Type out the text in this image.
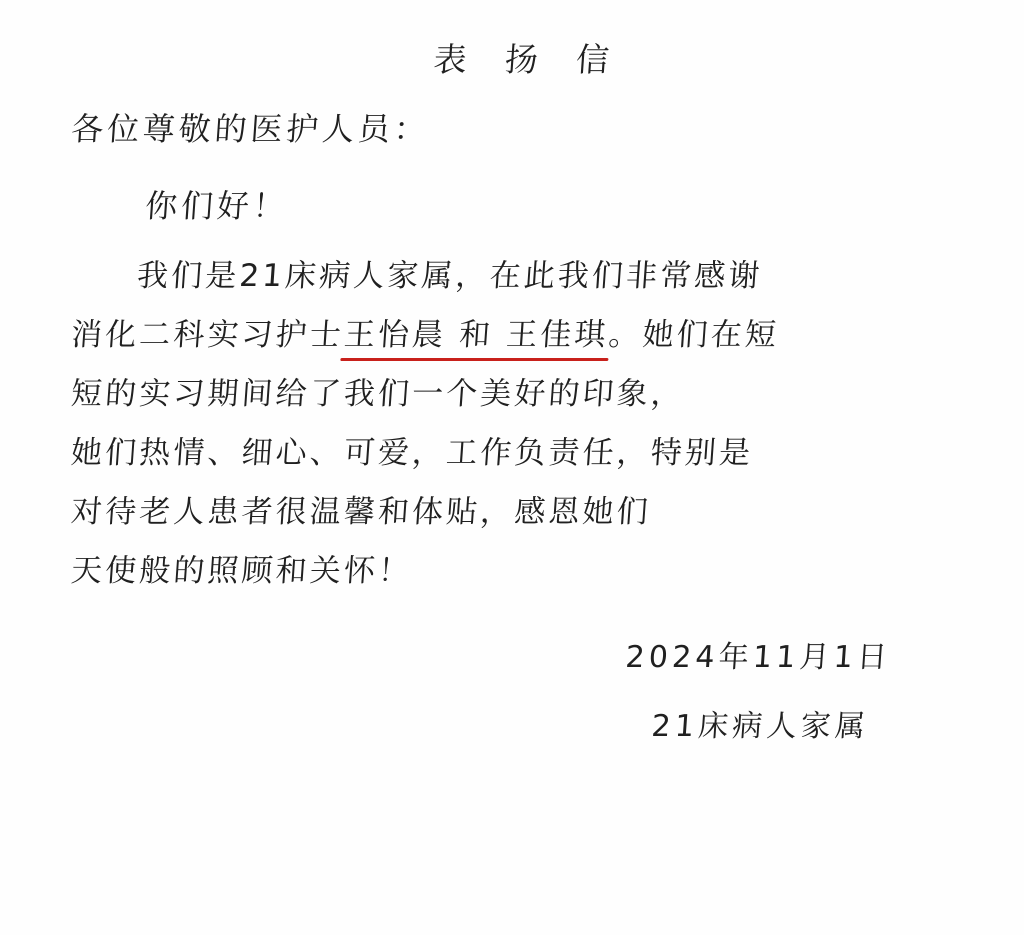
表 扬 信
各位尊敬的医护人员：
你们好！
我们是21床病人家属，在此我们非常感谢
消化二科实习护士王怡晨 和 王佳琪。她们在短
短的实习期间给了我们一个美好的印象，
她们热情、细心、可爱，工作负责任，特别是
对待老人患者很温馨和体贴，感恩她们
天使般的照顾和关怀！
2024年11月1日
21床病人家属
